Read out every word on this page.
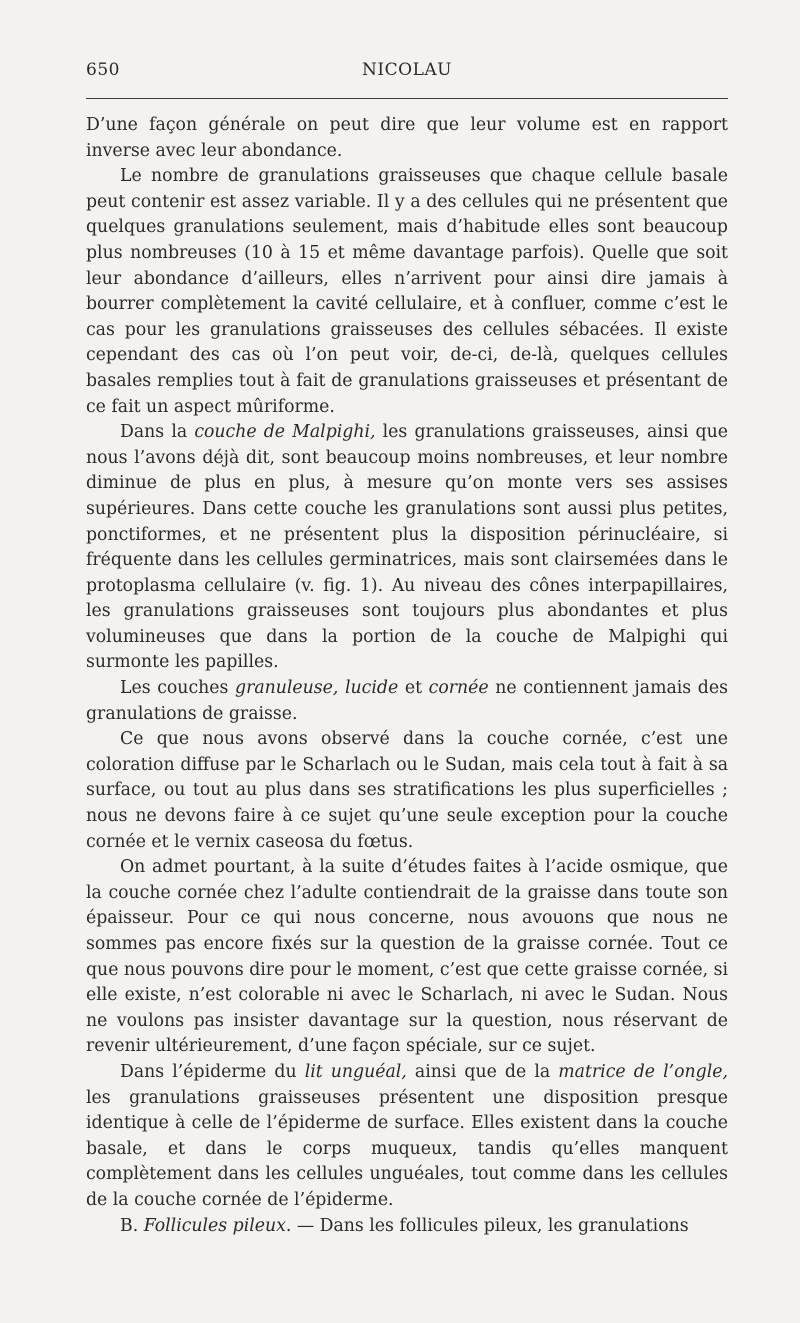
650	NICOLAU

D’une façon générale on peut dire que leur volume est en rapport inverse avec leur abondance.

Le nombre de granulations graisseuses que chaque cellule basale peut contenir est assez variable. Il y a des cellules qui ne présentent que quelques granulations seulement, mais d’habitude elles sont beaucoup plus nombreuses (10 à 15 et même davantage parfois). Quelle que soit leur abondance d’ailleurs, elles n’arrivent pour ainsi dire jamais à bourrer complètement la cavité cellulaire, et à confluer, comme c’est le cas pour les granulations graisseuses des cellules sébacées. Il existe cependant des cas où l’on peut voir, de-ci, de-là, quelques cellules basales remplies tout à fait de granulations graisseuses et présentant de ce fait un aspect mûriforme.

Dans la couche de Malpighi, les granulations graisseuses, ainsi que nous l’avons déjà dit, sont beaucoup moins nombreuses, et leur nombre diminue de plus en plus, à mesure qu’on monte vers ses assises supérieures. Dans cette couche les granulations sont aussi plus petites, ponctiformes, et ne présentent plus la disposition périnucléaire, si fréquente dans les cellules germinatrices, mais sont clairsemées dans le protoplasma cellulaire (v. fig. 1). Au niveau des cônes interpapillaires, les granulations graisseuses sont toujours plus abondantes et plus volumineuses que dans la portion de la couche de Malpighi qui surmonte les papilles.

Les couches granuleuse, lucide et cornée ne contiennent jamais des granulations de graisse.

Ce que nous avons observé dans la couche cornée, c’est une coloration diffuse par le Scharlach ou le Sudan, mais cela tout à fait à sa surface, ou tout au plus dans ses stratifications les plus superficielles ; nous ne devons faire à ce sujet qu’une seule exception pour la couche cornée et le vernix caseosa du fœtus.

On admet pourtant, à la suite d’études faites à l’acide osmique, que la couche cornée chez l’adulte contiendrait de la graisse dans toute son épaisseur. Pour ce qui nous concerne, nous avouons que nous ne sommes pas encore fixés sur la question de la graisse cornée. Tout ce que nous pouvons dire pour le moment, c’est que cette graisse cornée, si elle existe, n’est colorable ni avec le Scharlach, ni avec le Sudan. Nous ne voulons pas insister davantage sur la question, nous réservant de revenir ultérieurement, d’une façon spéciale, sur ce sujet.

Dans l’épiderme du lit unguéal, ainsi que de la matrice de l’ongle, les granulations graisseuses présentent une disposition presque identique à celle de l’épiderme de surface. Elles existent dans la couche basale, et dans le corps muqueux, tandis qu’elles manquent complètement dans les cellules unguéales, tout comme dans les cellules de la couche cornée de l’épiderme.

B. Follicules pileux. — Dans les follicules pileux, les granulations
